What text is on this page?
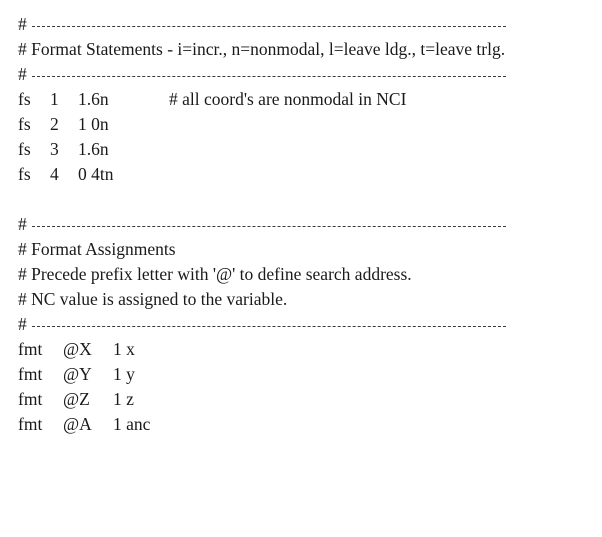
#
# Format Statements - i=incr., n=nonmodal, l=leave ldg., t=leave trlg.
#

fs

1

1.6n

	# all coord's are nonmodal in NCI

fs

2

1 0n

fs

3

1.6n

fs

4

0 4tn

#
# Format Assignments
# Precede prefix letter with '@' to define search address.
# NC value is assigned to the variable.
#

fmt

@X

1 x

fmt

@Y

1 y

fmt

@Z

1 z

fmt

@A

1 anc
